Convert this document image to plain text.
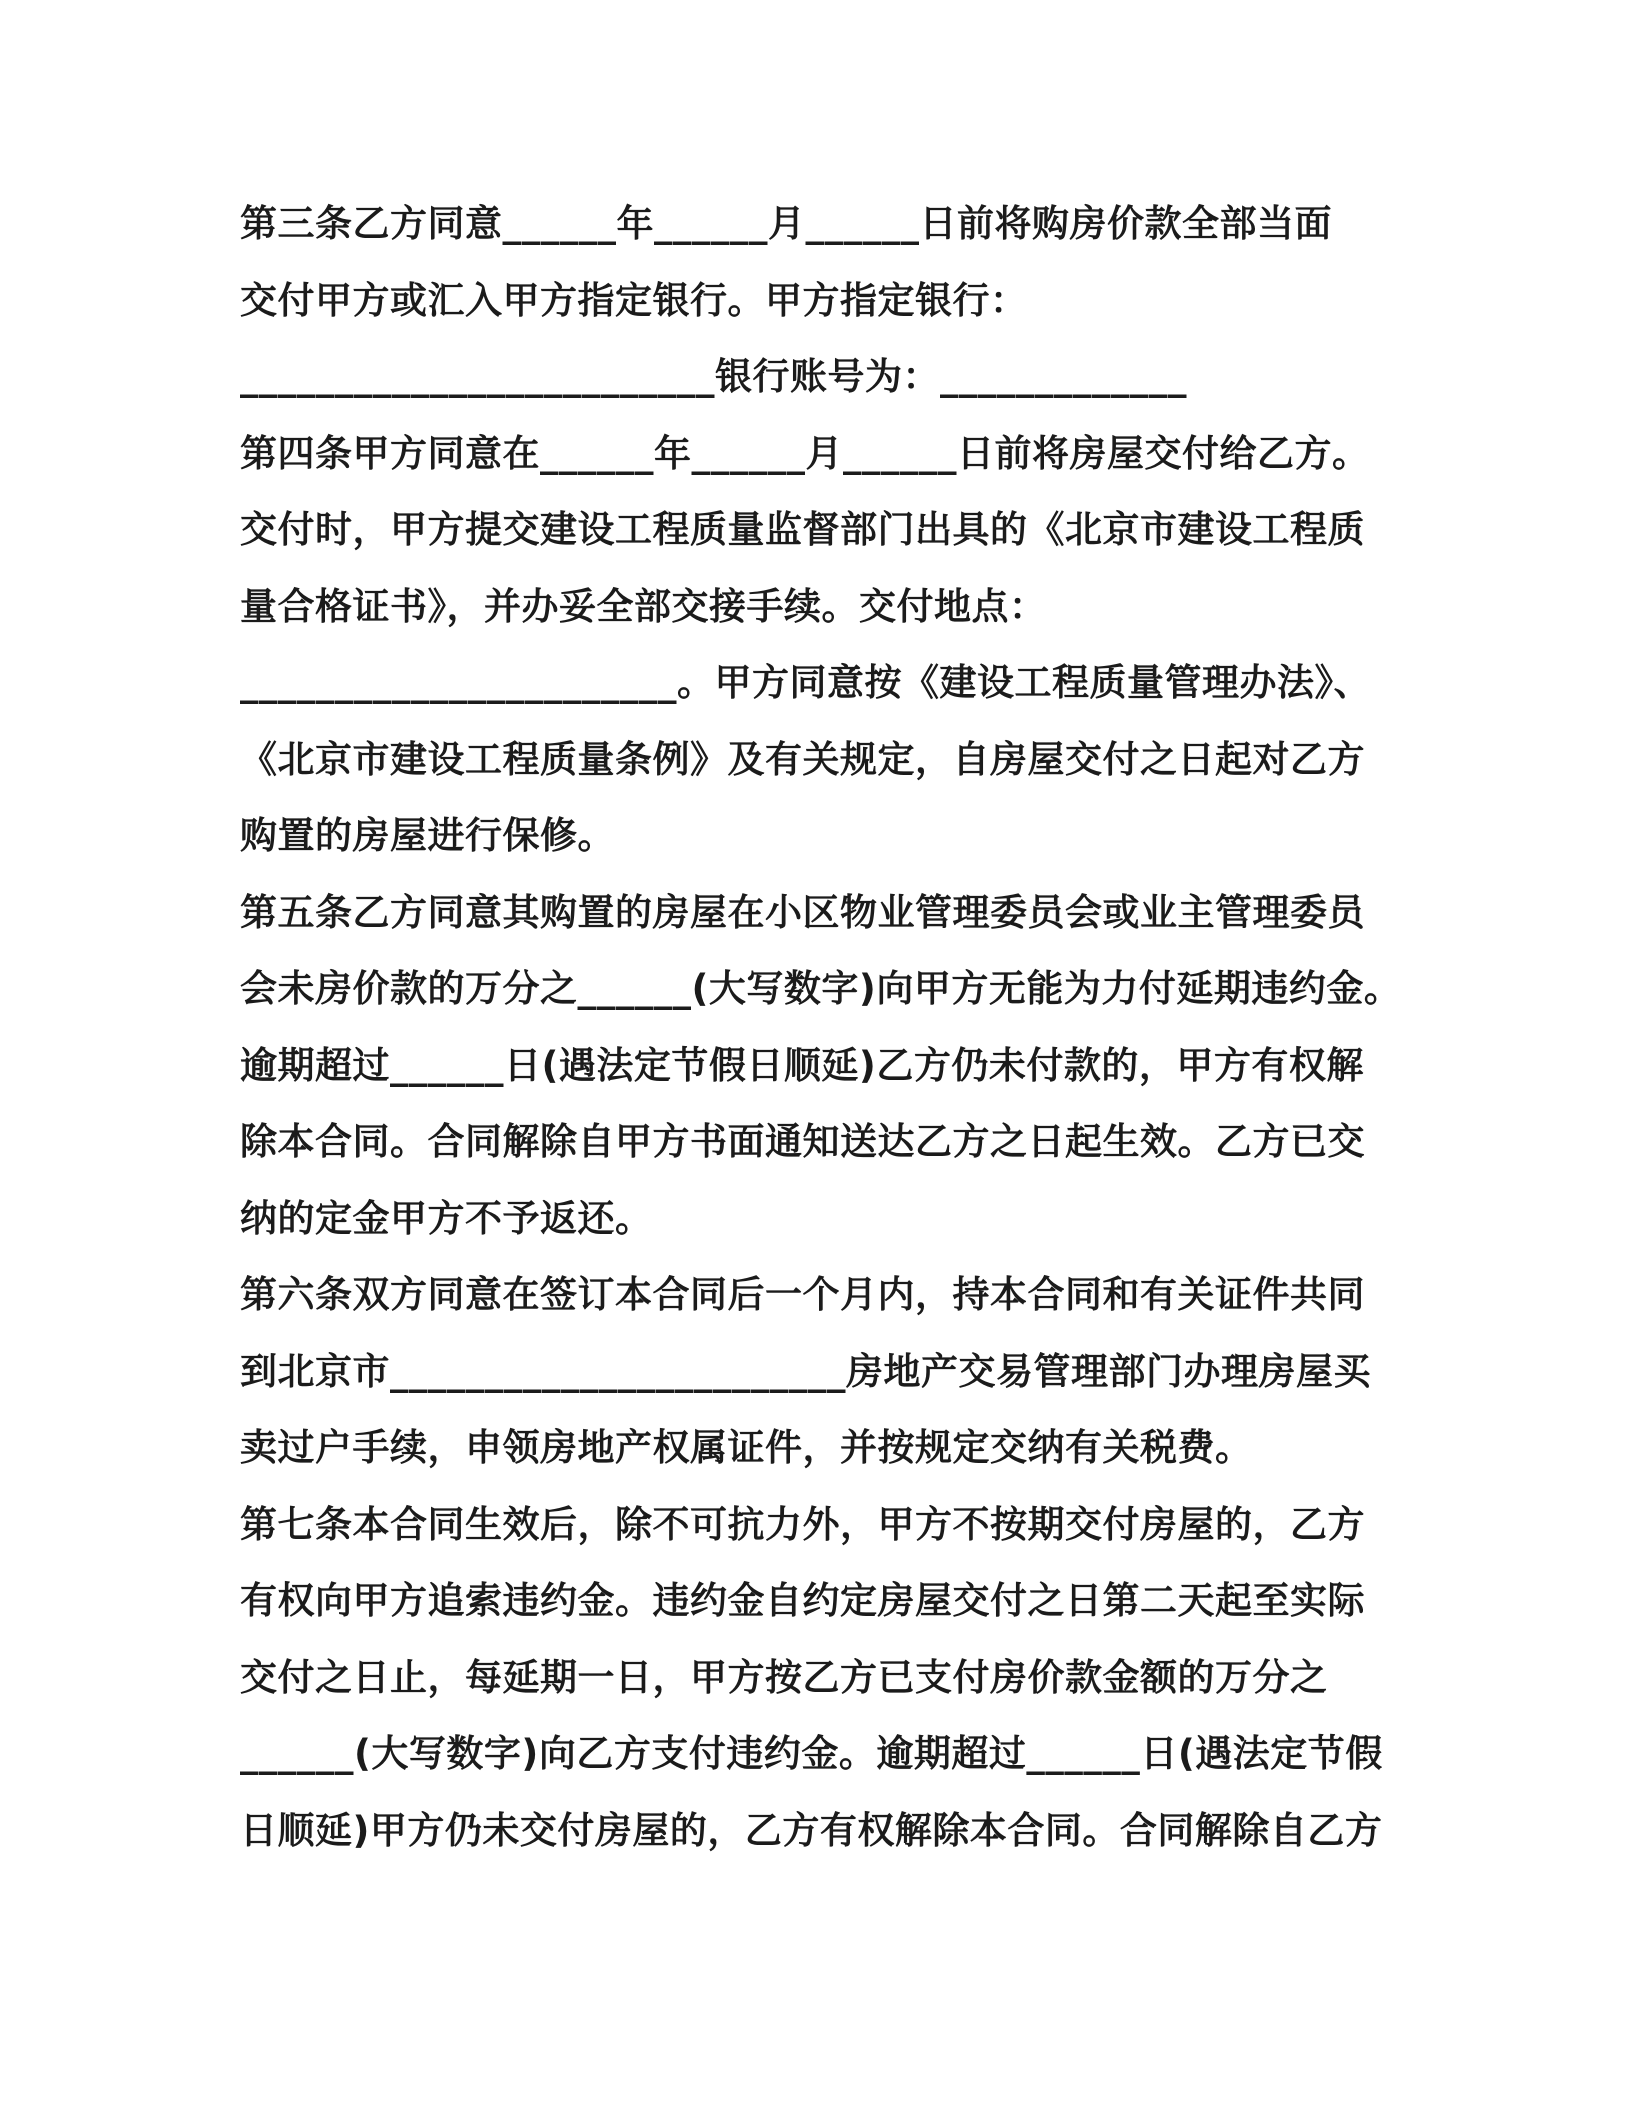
第三条乙方同意______年______月______日前将购房价款全部当面
交付甲方或汇入甲方指定银行。甲方指定银行：
_________________________银行账号为：_____________
第四条甲方同意在______年______月______日前将房屋交付给乙方。
交付时，甲方提交建设工程质量监督部门出具的《北京市建设工程质
量合格证书》，并办妥全部交接手续。交付地点：
_______________________。甲方同意按《建设工程质量管理办法》、
《北京市建设工程质量条例》及有关规定，自房屋交付之日起对乙方
购置的房屋进行保修。
第五条乙方同意其购置的房屋在小区物业管理委员会或业主管理委员
会未房价款的万分之______(大写数字)向甲方无能为力付延期违约金。
逾期超过______日(遇法定节假日顺延)乙方仍未付款的，甲方有权解
除本合同。合同解除自甲方书面通知送达乙方之日起生效。乙方已交
纳的定金甲方不予返还。
第六条双方同意在签订本合同后一个月内，持本合同和有关证件共同
到北京市________________________房地产交易管理部门办理房屋买
卖过户手续，申领房地产权属证件，并按规定交纳有关税费。
第七条本合同生效后，除不可抗力外，甲方不按期交付房屋的，乙方
有权向甲方追索违约金。违约金自约定房屋交付之日第二天起至实际
交付之日止，每延期一日，甲方按乙方已支付房价款金额的万分之
______(大写数字)向乙方支付违约金。逾期超过______日(遇法定节假
日顺延)甲方仍未交付房屋的，乙方有权解除本合同。合同解除自乙方
